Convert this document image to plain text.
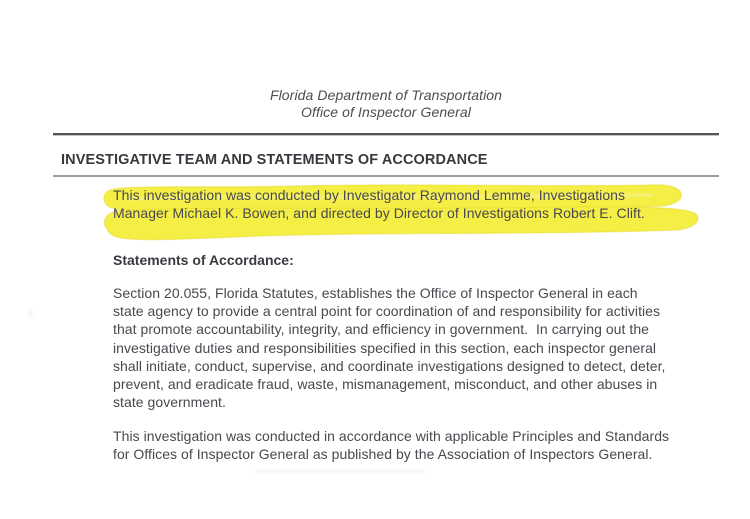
Florida Department of Transportation
Office of Inspector General
INVESTIGATIVE TEAM AND STATEMENTS OF ACCORDANCE
This investigation was conducted by Investigator Raymond Lemme, Investigations
Manager Michael K. Bowen, and directed by Director of Investigations Robert E. Clift.
Statements of Accordance:
Section 20.055, Florida Statutes, establishes the Office of Inspector General in each
state agency to provide a central point for coordination of and responsibility for activities
that promote accountability, integrity, and efficiency in government.  In carrying out the
investigative duties and responsibilities specified in this section, each inspector general
shall initiate, conduct, supervise, and coordinate investigations designed to detect, deter,
prevent, and eradicate fraud, waste, mismanagement, misconduct, and other abuses in
state government.
This investigation was conducted in accordance with applicable Principles and Standards
for Offices of Inspector General as published by the Association of Inspectors General.
